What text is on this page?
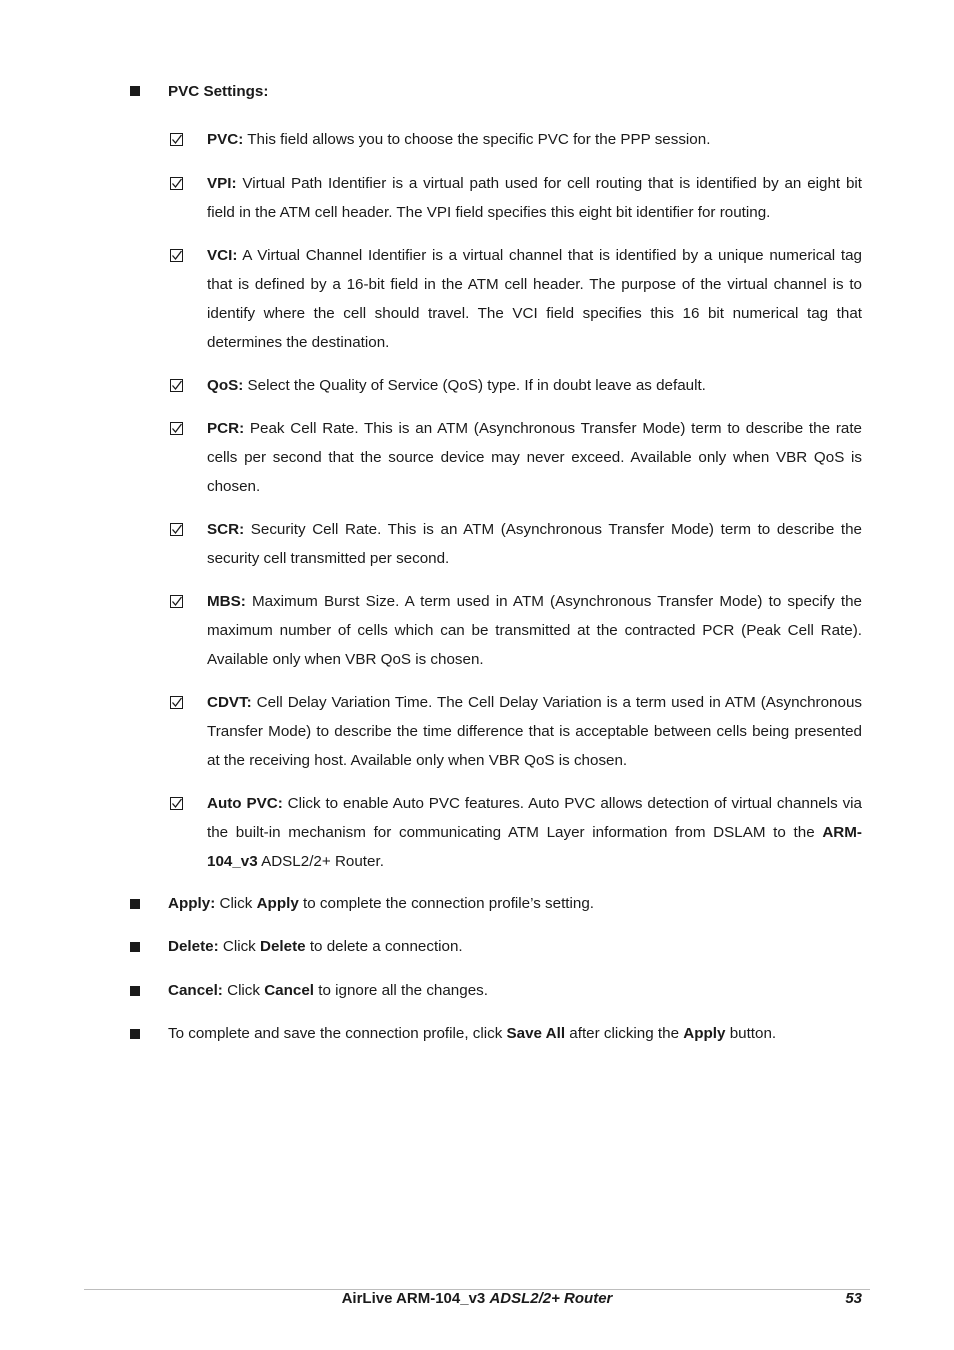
PVC Settings:
PVC: This field allows you to choose the specific PVC for the PPP session.
VPI: Virtual Path Identifier is a virtual path used for cell routing that is identified by an eight bit field in the ATM cell header. The VPI field specifies this eight bit identifier for routing.
VCI: A Virtual Channel Identifier is a virtual channel that is identified by a unique numerical tag that is defined by a 16-bit field in the ATM cell header. The purpose of the virtual channel is to identify where the cell should travel. The VCI field specifies this 16 bit numerical tag that determines the destination.
QoS: Select the Quality of Service (QoS) type. If in doubt leave as default.
PCR: Peak Cell Rate. This is an ATM (Asynchronous Transfer Mode) term to describe the rate cells per second that the source device may never exceed. Available only when VBR QoS is chosen.
SCR: Security Cell Rate. This is an ATM (Asynchronous Transfer Mode) term to describe the security cell transmitted per second.
MBS: Maximum Burst Size. A term used in ATM (Asynchronous Transfer Mode) to specify the maximum number of cells which can be transmitted at the contracted PCR (Peak Cell Rate). Available only when VBR QoS is chosen.
CDVT: Cell Delay Variation Time. The Cell Delay Variation is a term used in ATM (Asynchronous Transfer Mode) to describe the time difference that is acceptable between cells being presented at the receiving host. Available only when VBR QoS is chosen.
Auto PVC: Click to enable Auto PVC features. Auto PVC allows detection of virtual channels via the built-in mechanism for communicating ATM Layer information from DSLAM to the ARM-104_v3 ADSL2/2+ Router.
Apply: Click Apply to complete the connection profile’s setting.
Delete: Click Delete to delete a connection.
Cancel: Click Cancel to ignore all the changes.
To complete and save the connection profile, click Save All after clicking the Apply button.
AirLive ARM-104_v3 ADSL2/2+ Router	53
